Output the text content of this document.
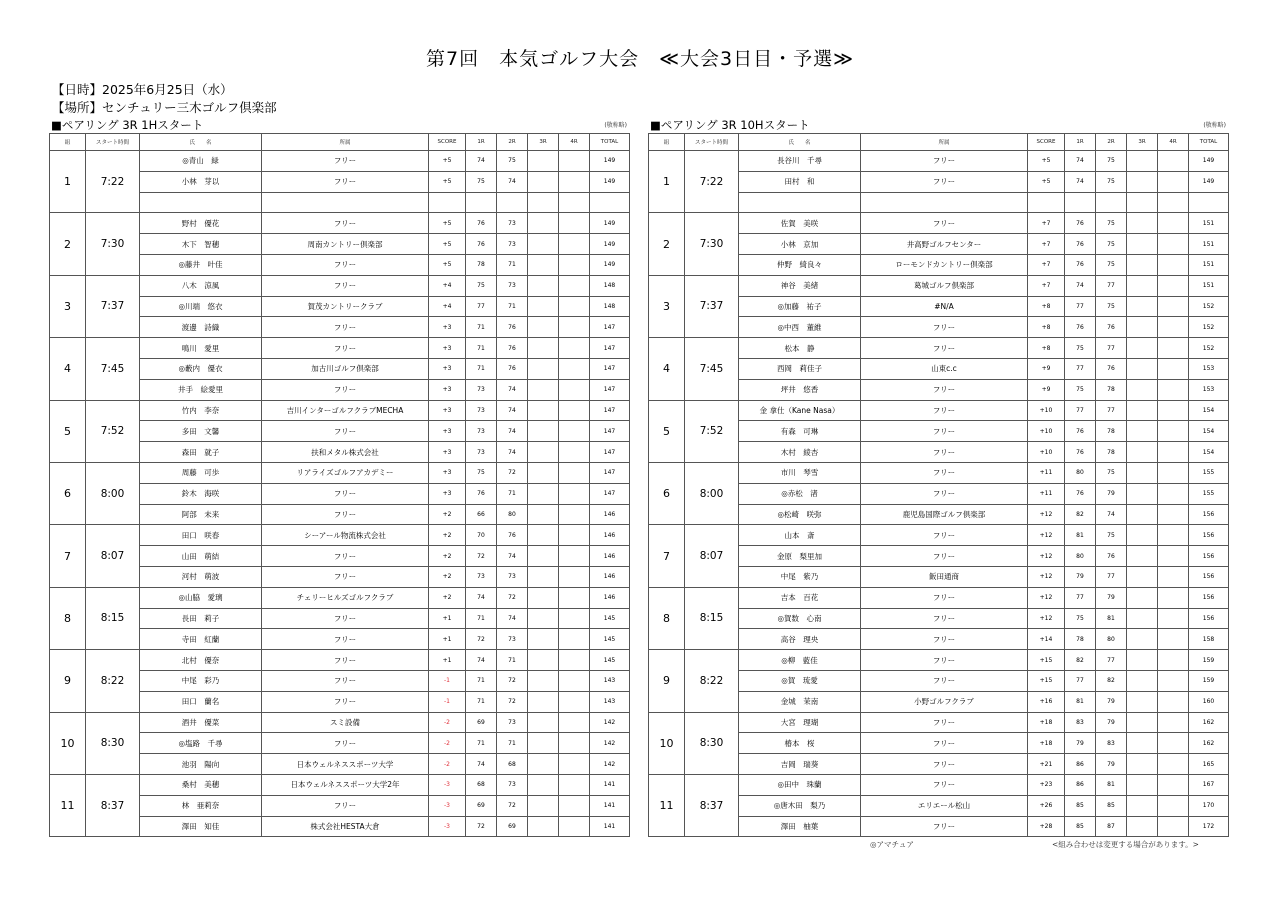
第7回　本気ゴルフ大会　≪大会3日目・予選≫
【日時】2025年6月25日（水）
【場所】センチュリー三木ゴルフ倶楽部
■ペアリング 3R 1Hスタート	(敬称略)
組	スタート時間	氏　　名	所属	SCORE	1R	2R	3R	4R	TOTAL
1	7:22	◎青山　緑	フリー	+5	74	75			149
		小林　芽以	フリー	+5	75	74			149

2	7:30	野村　優花	フリー	+5	76	73			149
		木下　智穂	周南カントリー倶楽部	+5	76	73			149
		◎藤井　叶佳	フリー	+5	78	71			149
3	7:37	八木　涼風	フリー	+4	75	73			148
		◎川端　悠衣	賀茂カントリークラブ	+4	77	71			148
		渡邊　詩織	フリー	+3	71	76			147
4	7:45	鳴川　愛里	フリー	+3	71	76			147
		◎藪内　優衣	加古川ゴルフ倶楽部	+3	71	76			147
		井手　絵愛里	フリー	+3	73	74			147
5	7:52	竹内　李奈	吉川インターゴルフクラブMECHA	+3	73	74			147
		多田　文馨	フリー	+3	73	74			147
		森田　就子	扶和メタル株式会社	+3	73	74			147
6	8:00	周藤　可歩	リアライズゴルフアカデミー	+3	75	72			147
		鈴木　海咲	フリー	+3	76	71			147
		阿部　未来	フリー	+2	66	80			146
7	8:07	田口　咲春	シーアール物流株式会社	+2	70	76			146
		山田　萌結	フリー	+2	72	74			146
		河村　萌波	フリー	+2	73	73			146
8	8:15	◎山脇　愛璃	チェリーヒルズゴルフクラブ	+2	74	72			146
		長田　莉子	フリー	+1	71	74			145
		寺田　紅蘭	フリー	+1	72	73			145
9	8:22	北村　優奈	フリー	+1	74	71			145
		中尾　彩乃	フリー	-1	71	72			143
		田口　蘭名	フリー	-1	71	72			143
10	8:30	酒井　優菜	スミ設備	-2	69	73			142
		◎塩路　千尋	フリー	-2	71	71			142
		池羽　陽向	日本ウェルネススポーツ大学	-2	74	68			142
11	8:37	桑村　美穂	日本ウェルネススポーツ大学2年	-3	68	73			141
		林　亜莉奈	フリー	-3	69	72			141
		澤田　知佳	株式会社HESTA大倉	-3	72	69			141
■ペアリング 3R 10Hスタート	(敬称略)
組	スタート時間	氏　　名	所属	SCORE	1R	2R	3R	4R	TOTAL
1	7:22	長谷川　千尋	フリー	+5	74	75			149
		田村　和	フリー	+5	74	75			149

2	7:30	佐賀　美咲	フリー	+7	76	75			151
		小林　京加	井高野ゴルフセンター	+7	76	75			151
		仲野　綺良々	ローモンドカントリー倶楽部	+7	76	75			151
3	7:37	神谷　美緒	葛城ゴルフ倶楽部	+7	74	77			151
		◎加藤　祐子	#N/A	+8	77	75			152
		◎中西　董維	フリー	+8	76	76			152
4	7:45	松本　静	フリー	+8	75	77			152
		西岡　莉佳子	山東c.c	+9	77	76			153
		坪井　悠香	フリー	+9	75	78			153
5	7:52	金 拿仕（Kane Nasa）	フリー	+10	77	77			154
		有森　可琳	フリー	+10	76	78			154
		木村　綾杏	フリー	+10	76	78			154
6	8:00	市川　琴雪	フリー	+11	80	75			155
		◎赤松　渚	フリー	+11	76	79			155
		◎松崎　咲弥	鹿児島国際ゴルフ倶楽部	+12	82	74			156
7	8:07	山本　斎	フリー	+12	81	75			156
		金原　梨里加	フリー	+12	80	76			156
		中尾　紫乃	飯田通商	+12	79	77			156
8	8:15	吉本　百花	フリー	+12	77	79			156
		◎賀数　心南	フリー	+12	75	81			156
		高谷　理央	フリー	+14	78	80			158
9	8:22	◎柳　藍佳	フリー	+15	82	77			159
		◎賀　琉愛	フリー	+15	77	82			159
		金城　茉南	小野ゴルフクラブ	+16	81	79			160
10	8:30	大宮　理瑚	フリー	+18	83	79			162
		椿本　桜	フリー	+18	79	83			162
		吉岡　瑞葵	フリー	+21	86	79			165
11	8:37	◎田中　珠蘭	フリー	+23	86	81			167
		◎唐木田　梨乃	エリエール松山	+26	85	85			170
		澤田　柚葉	フリー	+28	85	87			172
◎アマチュア	<組み合わせは変更する場合があります。>
